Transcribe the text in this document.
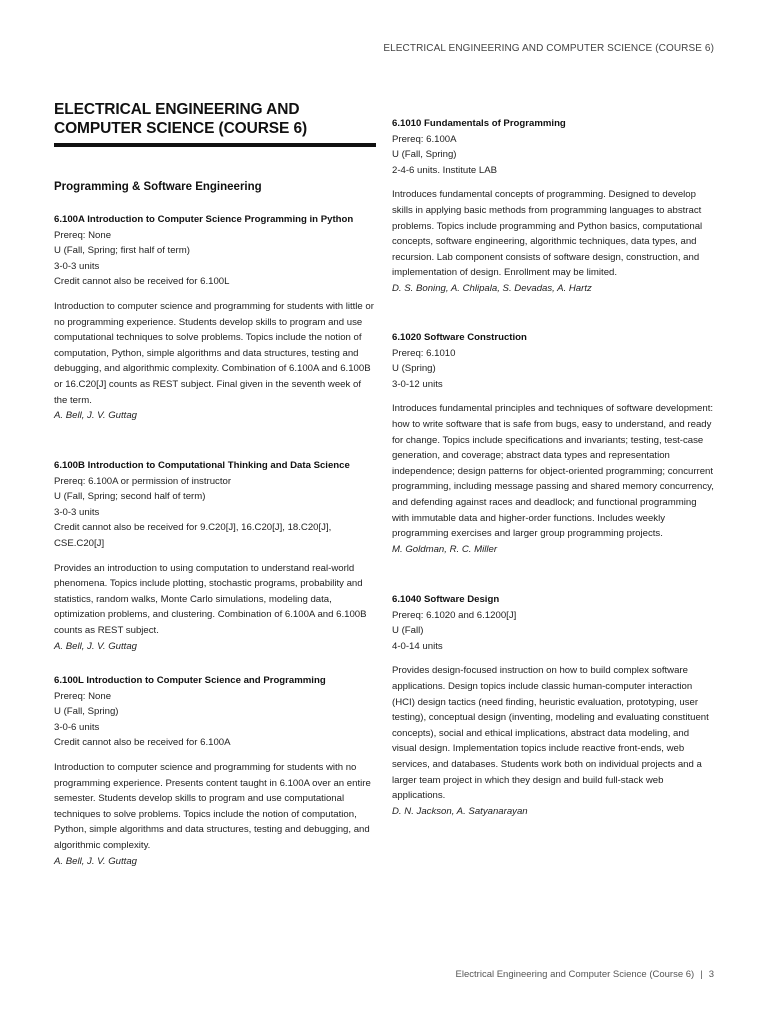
ELECTRICAL ENGINEERING AND COMPUTER SCIENCE (COURSE 6)
ELECTRICAL ENGINEERING AND COMPUTER SCIENCE (COURSE 6)
Programming & Software Engineering
6.100A Introduction to Computer Science Programming in Python
Prereq: None
U (Fall, Spring; first half of term)
3-0-3 units
Credit cannot also be received for 6.100L

Introduction to computer science and programming for students with little or no programming experience. Students develop skills to program and use computational techniques to solve problems. Topics include the notion of computation, Python, simple algorithms and data structures, testing and debugging, and algorithmic complexity. Combination of 6.100A and 6.100B or 16.C20[J] counts as REST subject. Final given in the seventh week of the term.

A. Bell, J. V. Guttag
6.100B Introduction to Computational Thinking and Data Science
Prereq: 6.100A or permission of instructor
U (Fall, Spring; second half of term)
3-0-3 units
Credit cannot also be received for 9.C20[J], 16.C20[J], 18.C20[J],
CSE.C20[J]

Provides an introduction to using computation to understand real-world phenomena. Topics include plotting, stochastic programs, probability and statistics, random walks, Monte Carlo simulations, modeling data, optimization problems, and clustering. Combination of 6.100A and 6.100B counts as REST subject.

A. Bell, J. V. Guttag
6.100L Introduction to Computer Science and Programming
Prereq: None
U (Fall, Spring)
3-0-6 units
Credit cannot also be received for 6.100A

Introduction to computer science and programming for students with no programming experience. Presents content taught in 6.100A over an entire semester. Students develop skills to program and use computational techniques to solve problems. Topics include the notion of computation, Python, simple algorithms and data structures, testing and debugging, and algorithmic complexity.

A. Bell, J. V. Guttag
6.1010 Fundamentals of Programming
Prereq: 6.100A
U (Fall, Spring)
2-4-6 units. Institute LAB

Introduces fundamental concepts of programming. Designed to develop skills in applying basic methods from programming languages to abstract problems. Topics include programming and Python basics, computational concepts, software engineering, algorithmic techniques, data types, and recursion. Lab component consists of software design, construction, and implementation of design. Enrollment may be limited.

D. S. Boning, A. Chlipala, S. Devadas, A. Hartz
6.1020 Software Construction
Prereq: 6.1010
U (Spring)
3-0-12 units

Introduces fundamental principles and techniques of software development: how to write software that is safe from bugs, easy to understand, and ready for change. Topics include specifications and invariants; testing, test-case generation, and coverage; abstract data types and representation independence; design patterns for object-oriented programming; concurrent programming, including message passing and shared memory concurrency, and defending against races and deadlock; and functional programming with immutable data and higher-order functions. Includes weekly programming exercises and larger group programming projects.

M. Goldman, R. C. Miller
6.1040 Software Design
Prereq: 6.1020 and 6.1200[J]
U (Fall)
4-0-14 units

Provides design-focused instruction on how to build complex software applications. Design topics include classic human-computer interaction (HCI) design tactics (need finding, heuristic evaluation, prototyping, user testing), conceptual design (inventing, modeling and evaluating constituent concepts), social and ethical implications, abstract data modeling, and visual design. Implementation topics include reactive front-ends, web services, and databases. Students work both on individual projects and a larger team project in which they design and build full-stack web applications.

D. N. Jackson, A. Satyanarayan
Electrical Engineering and Computer Science (Course 6) | 3
